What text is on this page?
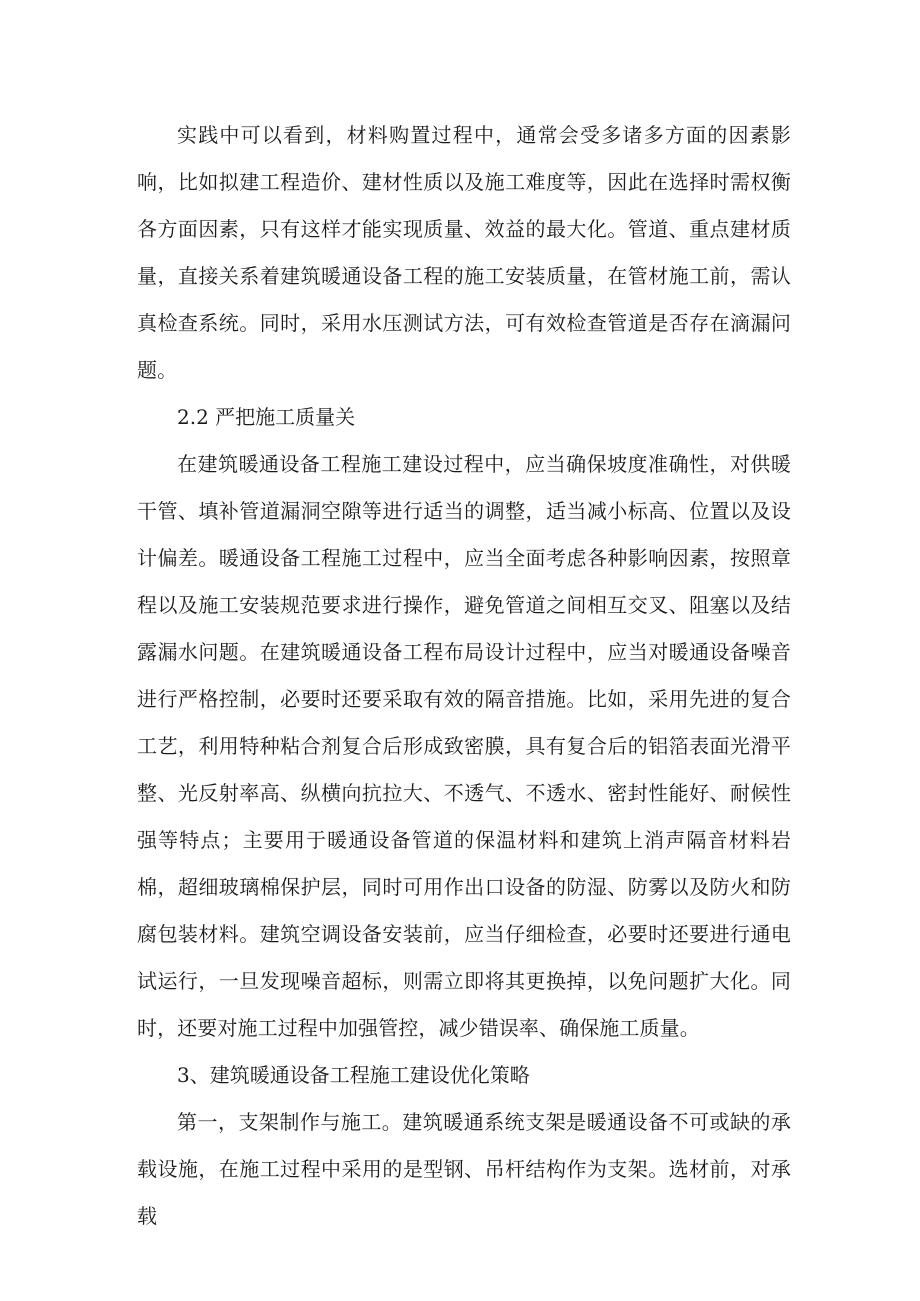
实践中可以看到，材料购置过程中，通常会受多诸多方面的因素影响，比如拟建工程造价、建材性质以及施工难度等，因此在选择时需权衡各方面因素，只有这样才能实现质量、效益的最大化。管道、重点建材质量，直接关系着建筑暖通设备工程的施工安装质量，在管材施工前，需认真检查系统。同时，采用水压测试方法，可有效检查管道是否存在滴漏问题。

2.2 严把施工质量关

在建筑暖通设备工程施工建设过程中，应当确保坡度准确性，对供暖干管、填补管道漏洞空隙等进行适当的调整，适当减小标高、位置以及设计偏差。暖通设备工程施工过程中，应当全面考虑各种影响因素，按照章程以及施工安装规范要求进行操作，避免管道之间相互交叉、阻塞以及结露漏水问题。在建筑暖通设备工程布局设计过程中，应当对暖通设备噪音进行严格控制，必要时还要采取有效的隔音措施。比如，采用先进的复合工艺，利用特种粘合剂复合后形成致密膜，具有复合后的铝箔表面光滑平整、光反射率高、纵横向抗拉大、不透气、不透水、密封性能好、耐候性强等特点；主要用于暖通设备管道的保温材料和建筑上消声隔音材料岩棉，超细玻璃棉保护层，同时可用作出口设备的防湿、防雾以及防火和防腐包装材料。建筑空调设备安装前，应当仔细检查，必要时还要进行通电试运行，一旦发现噪音超标，则需立即将其更换掉，以免问题扩大化。同时，还要对施工过程中加强管控，减少错误率、确保施工质量。

3、建筑暖通设备工程施工建设优化策略

第一，支架制作与施工。建筑暖通系统支架是暖通设备不可或缺的承载设施，在施工过程中采用的是型钢、吊杆结构作为支架。选材前，对承载
